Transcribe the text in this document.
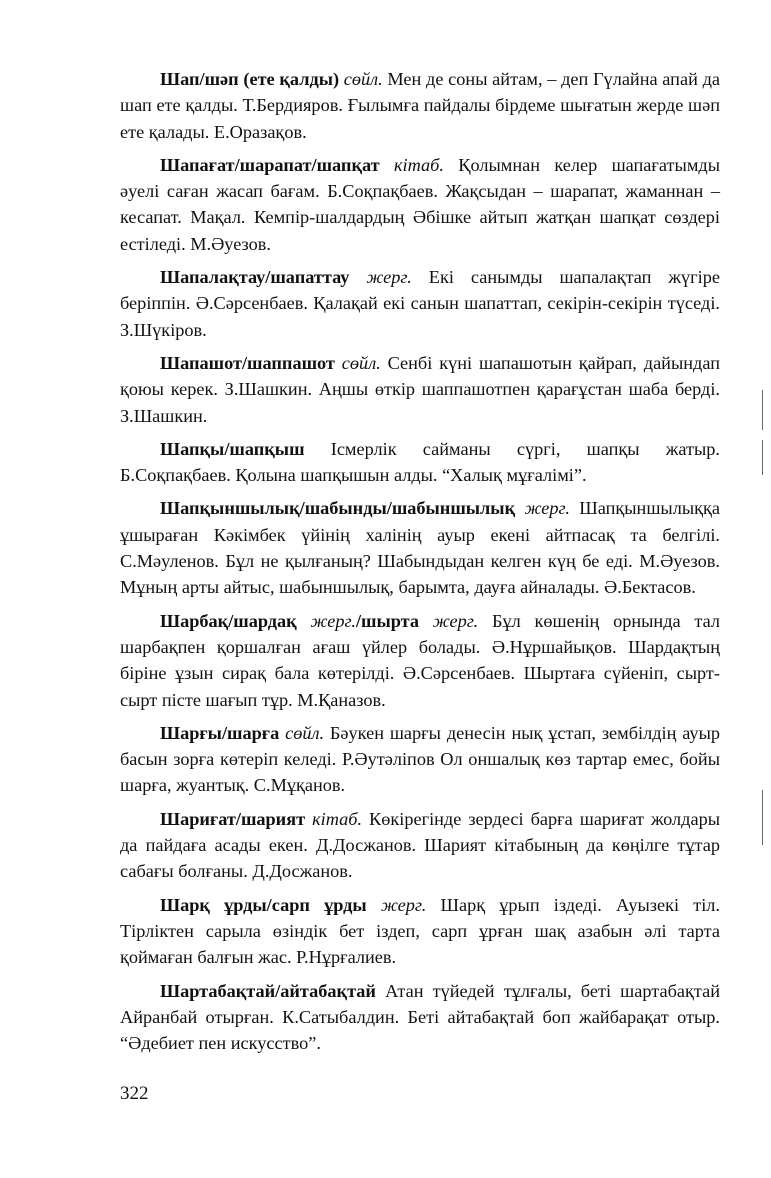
Шап/шәп (ете қалды) сөйл. Мен де соны айтам, – деп Гүлайна апай да шап ете қалды. Т.Бердияров. Ғылымға пайдалы бірдеме шығатын жерде шәп ете қалады. Е.Оразақов.

Шапағат/шарапат/шапқат кітаб. Қолымнан келер шапағатымды әуелі саған жасап бағам. Б.Соқпақбаев. Жақсыдан – шарапат, жаманнан – кесапат. Мақал. Кемпір-шалдардың Әбішке айтып жатқан шапқат сөздері естіледі. М.Әуезов.

Шапалақтау/шапаттау жерг. Екі санымды шапалақтап жүгіре беріппін. Ә.Сәрсенбаев. Қалақай екі санын шапаттап, секірін-секірін түседі. З.Шүкіров.

Шапашот/шаппашот сөйл. Сенбі күні шапашотын қайрап, дайындап қоюы керек. З.Шашкин. Аңшы өткір шаппашотпен қарағұстан шаба берді. З.Шашкин.

Шапқы/шапқыш Ісмерлік сайманы сүргі, шапқы жатыр. Б.Соқпақбаев. Қолына шапқышын алды. “Халық мұғалімі”.

Шапқыншылық/шабынды/шабыншылық жерг. Шапқыншылыққа ұшыраған Кәкімбек үйінің халінің ауыр екені айтпасақ та белгілі. С.Мәуленов. Бұл не қылғаның? Шабындыдан келген күң бе еді. М.Әуезов. Мұның арты айтыс, шабыншылық, барымта, дауға айналады. Ә.Бектасов.

Шарбақ/шардақ жерг./шырта жерг. Бұл көшенің орнында тал шарбақпен қоршалған ағаш үйлер болады. Ә.Нұршайықов. Шардақтың біріне ұзын сирақ бала көтерілді. Ә.Сәрсенбаев. Шыртаға сүйеніп, сырт-сырт пісте шағып тұр. М.Қаназов.

Шарғы/шарға сөйл. Бәукен шарғы денесін нық ұстап, зембілдің ауыр басын зорға көтеріп келеді. Р.Әутәліпов Ол оншалық көз тартар емес, бойы шарға, жуантық. С.Мұқанов.

Шариғат/шарият кітаб. Көкірегінде зердесі барға шариғат жолдары да пайдаға асады екен. Д.Досжанов. Шарият кітабының да көңілге тұтар сабағы болғаны. Д.Досжанов.

Шарқ ұрды/сарп ұрды жерг. Шарқ ұрып іздеді. Ауызекі тіл. Тірліктен сарыла өзіндік бет іздеп, сарп ұрған шақ азабын әлі тарта қоймаған балғын жас. Р.Нұрғалиев.

Шартабақтай/айтабақтай Атан түйедей тұлғалы, беті шартабақтай Айранбай отырған. К.Сатыбалдин. Беті айтабақтай боп жайбарақат отыр. “Әдебиет пен искусство”.

322
